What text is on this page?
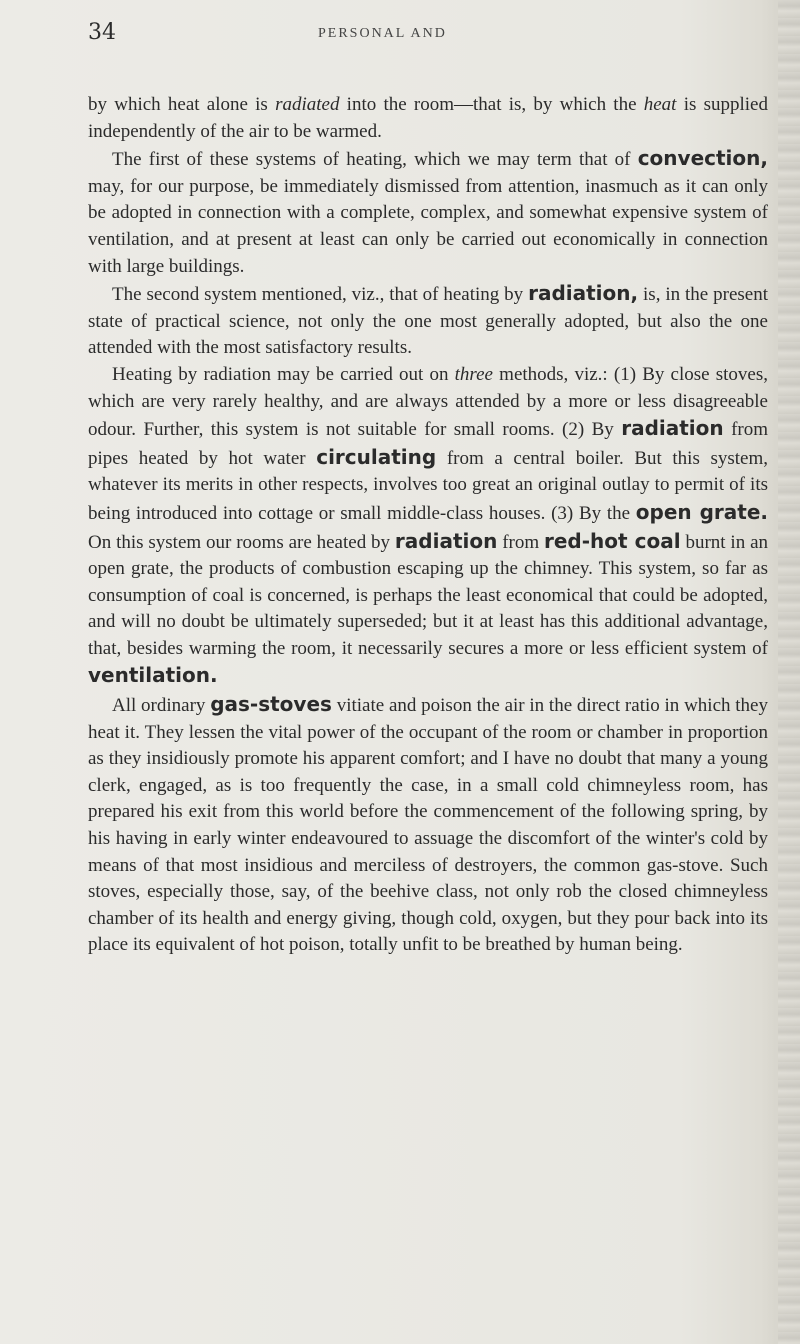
34	PERSONAL AND

by which heat alone is radiated into the room—that is, by which the heat is supplied independently of the air to be warmed.

The first of these systems of heating, which we may term that of convection, may, for our purpose, be immediately dismissed from attention, inasmuch as it can only be adopted in connection with a complete, complex, and somewhat expensive system of ventilation, and at present at least can only be carried out economically in connection with large buildings.

The second system mentioned, viz., that of heating by radiation, is, in the present state of practical science, not only the one most generally adopted, but also the one attended with the most satisfactory results.

Heating by radiation may be carried out on three methods, viz.: (1) By close stoves, which are very rarely healthy, and are always attended by a more or less disagreeable odour. Further, this system is not suitable for small rooms. (2) By radiation from pipes heated by hot water circulating from a central boiler. But this system, whatever its merits in other respects, involves too great an original outlay to permit of its being introduced into cottage or small middle-class houses. (3) By the open grate. On this system our rooms are heated by radiation from red-hot coal burnt in an open grate, the products of combustion escaping up the chimney. This system, so far as consumption of coal is concerned, is perhaps the least economical that could be adopted, and will no doubt be ultimately superseded; but it at least has this additional advantage, that, besides warming the room, it necessarily secures a more or less efficient system of ventilation.

All ordinary gas-stoves vitiate and poison the air in the direct ratio in which they heat it. They lessen the vital power of the occupant of the room or chamber in proportion as they insidiously promote his apparent comfort; and I have no doubt that many a young clerk, engaged, as is too frequently the case, in a small cold chimneyless room, has prepared his exit from this world before the commencement of the following spring, by his having in early winter endeavoured to assuage the discomfort of the winter's cold by means of that most insidious and merciless of destroyers, the common gas-stove. Such stoves, especially those, say, of the beehive class, not only rob the closed chimneyless chamber of its health and energy giving, though cold, oxygen, but they pour back into its place its equivalent of hot poison, totally unfit to be breathed by human being.
